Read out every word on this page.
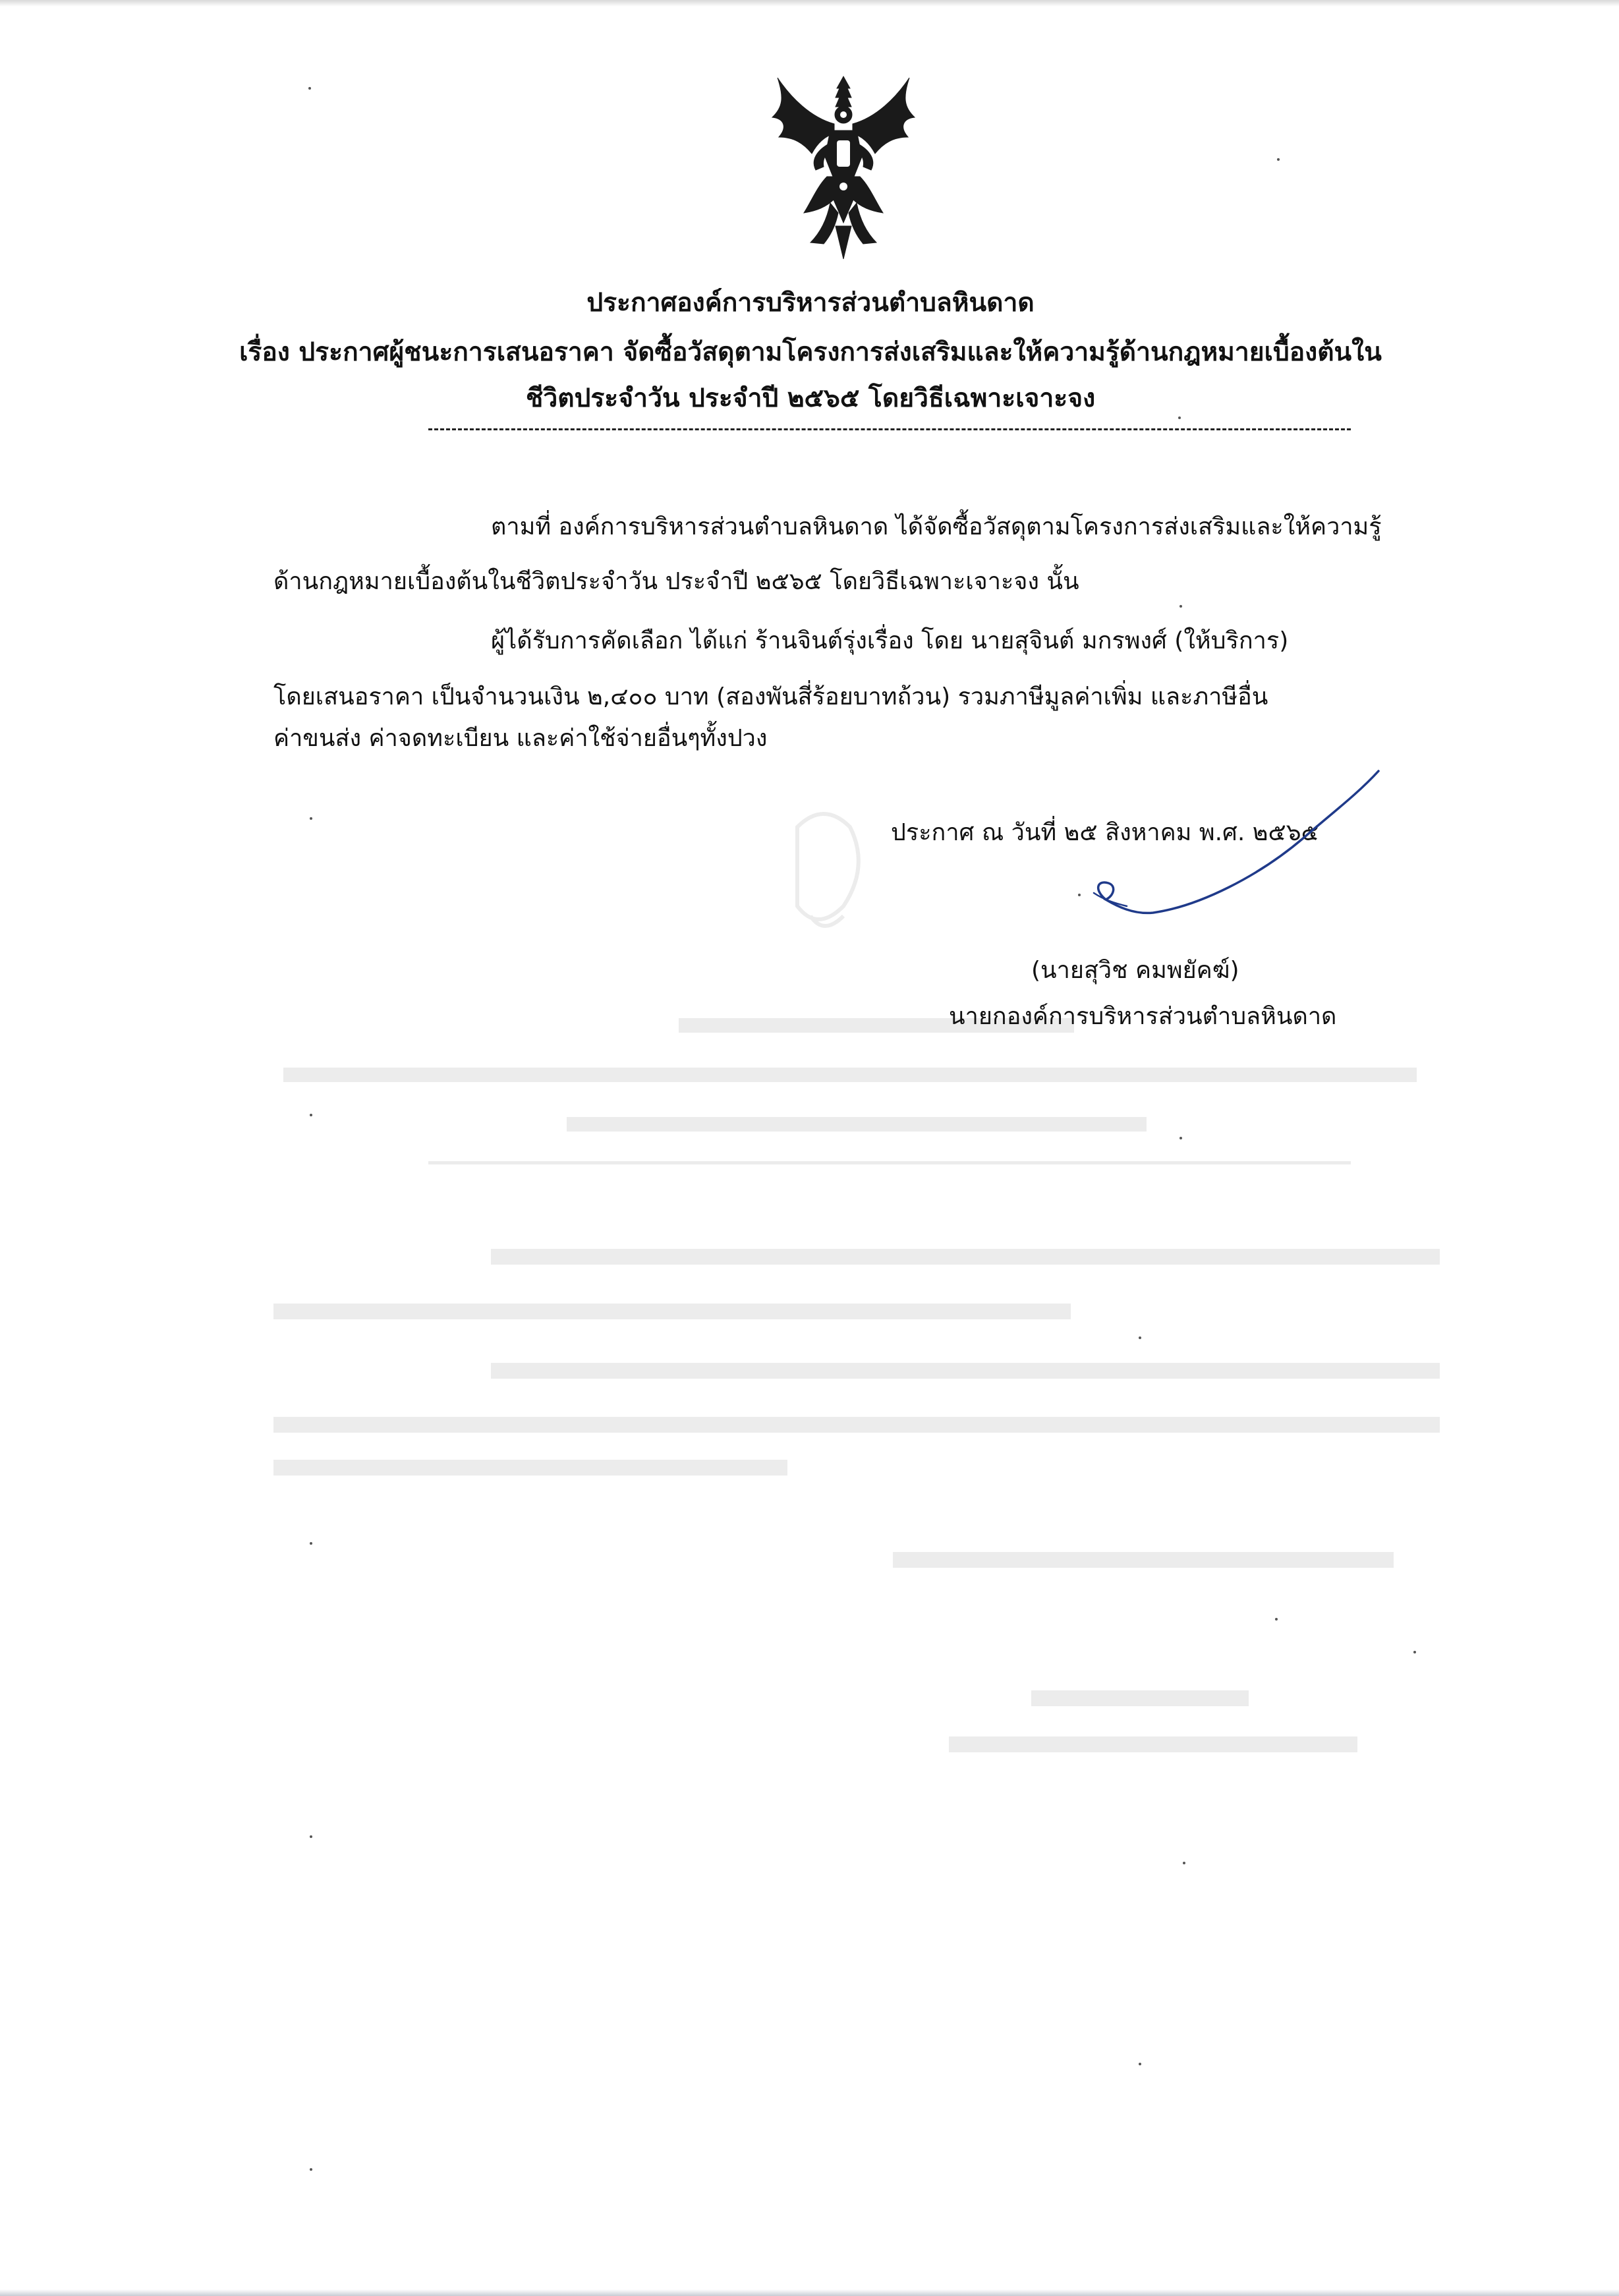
ประกาศองค์การบริหารส่วนตำบลหินดาด
เรื่อง ประกาศผู้ชนะการเสนอราคา จัดซื้อวัสดุตามโครงการส่งเสริมและให้ความรู้ด้านกฎหมายเบื้องต้นใน
ชีวิตประจำวัน ประจำปี ๒๕๖๕ โดยวิธีเฉพาะเจาะจง
ตามที่ องค์การบริหารส่วนตำบลหินดาด ได้จัดซื้อวัสดุตามโครงการส่งเสริมและให้ความรู้
ด้านกฎหมายเบื้องต้นในชีวิตประจำวัน ประจำปี ๒๕๖๕ โดยวิธีเฉพาะเจาะจง นั้น
ผู้ได้รับการคัดเลือก ได้แก่ ร้านจินต์รุ่งเรื่อง โดย นายสุจินต์ มกรพงศ์ (ให้บริการ)
โดยเสนอราคา เป็นจำนวนเงิน ๒,๔๐๐ บาท (สองพันสี่ร้อยบาทถ้วน) รวมภาษีมูลค่าเพิ่ม และภาษีอื่น
ค่าขนส่ง ค่าจดทะเบียน และค่าใช้จ่ายอื่นๆทั้งปวง
ประกาศ ณ วันที่ ๒๕ สิงหาคม พ.ศ. ๒๕๖๕
(นายสุวิช คมพยัคฆ์)
นายกองค์การบริหารส่วนตำบลหินดาด
